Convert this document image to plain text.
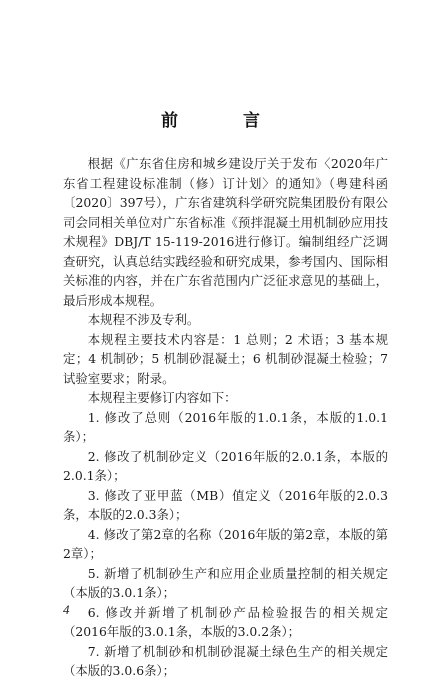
前　言

根据《广东省住房和城乡建设厅关于发布〈2020年广东省工程建设标准制（修）订计划〉的通知》（粤建科函〔2020〕397号），广东省建筑科学研究院集团股份有限公司会同相关单位对广东省标准《预拌混凝土用机制砂应用技术规程》DBJ/T 15-119-2016进行修订。编制组经广泛调查研究，认真总结实践经验和研究成果，参考国内、国际相关标准的内容，并在广东省范围内广泛征求意见的基础上，最后形成本规程。

本规程不涉及专利。

本规程主要技术内容是：1 总则；2 术语；3 基本规定；4 机制砂；5 机制砂混凝土；6 机制砂混凝土检验；7 试验室要求；附录。

本规程主要修订内容如下：

1. 修改了总则（2016年版的1.0.1条，本版的1.0.1条）；

2. 修改了机制砂定义（2016年版的2.0.1条，本版的2.0.1条）；

3. 修改了亚甲蓝（MB）值定义（2016年版的2.0.3条，本版的2.0.3条）；

4. 修改了第2章的名称（2016年版的第2章，本版的第2章）；

5. 新增了机制砂生产和应用企业质量控制的相关规定（本版的3.0.1条）；

6. 修改并新增了机制砂产品检验报告的相关规定（2016年版的3.0.1条，本版的3.0.2条）；

7. 新增了机制砂和机制砂混凝土绿色生产的相关规定（本版的3.0.6条）；

4
